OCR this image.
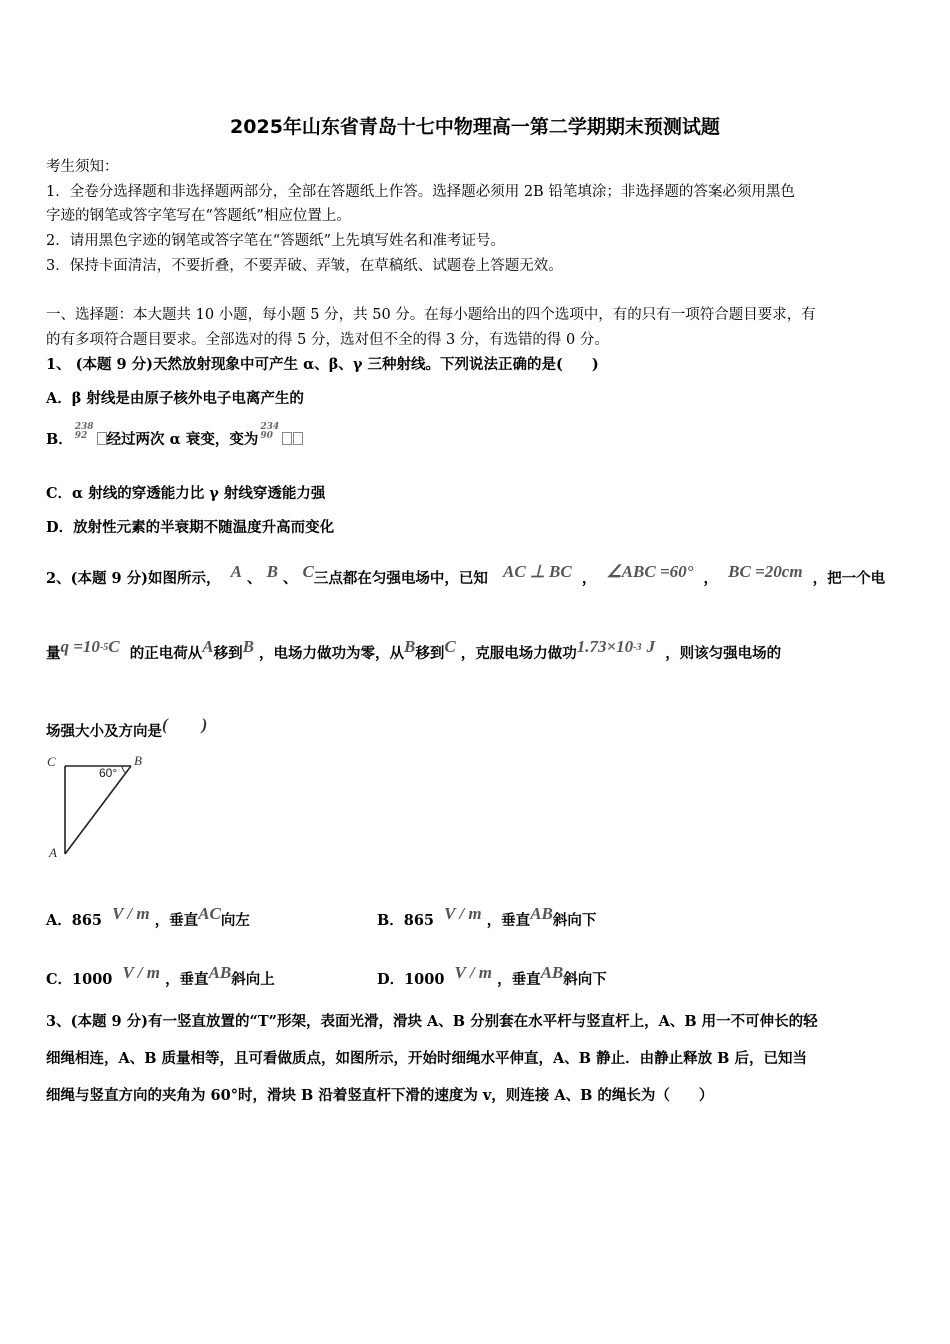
2025年山东省青岛十七中物理高一第二学期期末预测试题
考生须知：
1．全卷分选择题和非选择题两部分，全部在答题纸上作答。选择题必须用 2B 铅笔填涂；非选择题的答案必须用黑色
字迹的钢笔或答字笔写在“答题纸”相应位置上。
2．请用黑色字迹的钢笔或答字笔在“答题纸”上先填写姓名和准考证号。
3．保持卡面清洁，不要折叠，不要弄破、弄皱，在草稿纸、试题卷上答题无效。
一、选择题：本大题共 10 小题，每小题 5 分，共 50 分。在每小题给出的四个选项中，有的只有一项符合题目要求，有
的有多项符合题目要求。全部选对的得 5 分，选对但不全的得 3 分，有选错的得 0 分。
1、 (本题 9 分)天然放射现象中可产生 α、β、γ 三种射线。下列说法正确的是(　　)
A．β 射线是由原子核外电子电离产生的
B．238
92 经过两次 α 衰变，变为234
90
C．α 射线的穿透能力比 γ 射线穿透能力强
D．放射性元素的半衰期不随温度升高而变化
2、(本题 9 分)如图所示， A 、 B 、 C三点都在匀强电场中，已知 AC ⊥ BC ， ∠ABC =60° ， BC =20cm ，把一个电
量$q =10^{-5}C$ 的正电荷从A移到B ，电场力做功为零，从B移到C ，克服电场力做功$1.73\times 10^{-3}$ J ，则该匀强电场的
场强大小及方向是(　　)
C	B
A
60°
A．865 V / m ，垂直AC向左	B．865 V / m ，垂直AB斜向下
C．1000 V / m ，垂直AB斜向上	D．1000 V / m ，垂直AB斜向下
3、(本题 9 分)有一竖直放置的“T”形架，表面光滑，滑块 A、B 分别套在水平杆与竖直杆上，A、B 用一不可伸长的轻
细绳相连，A、B 质量相等，且可看做质点，如图所示，开始时细绳水平伸直，A、B 静止．由静止释放 B 后，已知当
细绳与竖直方向的夹角为 60°时，滑块 B 沿着竖直杆下滑的速度为 v，则连接 A、B 的绳长为（　　）
